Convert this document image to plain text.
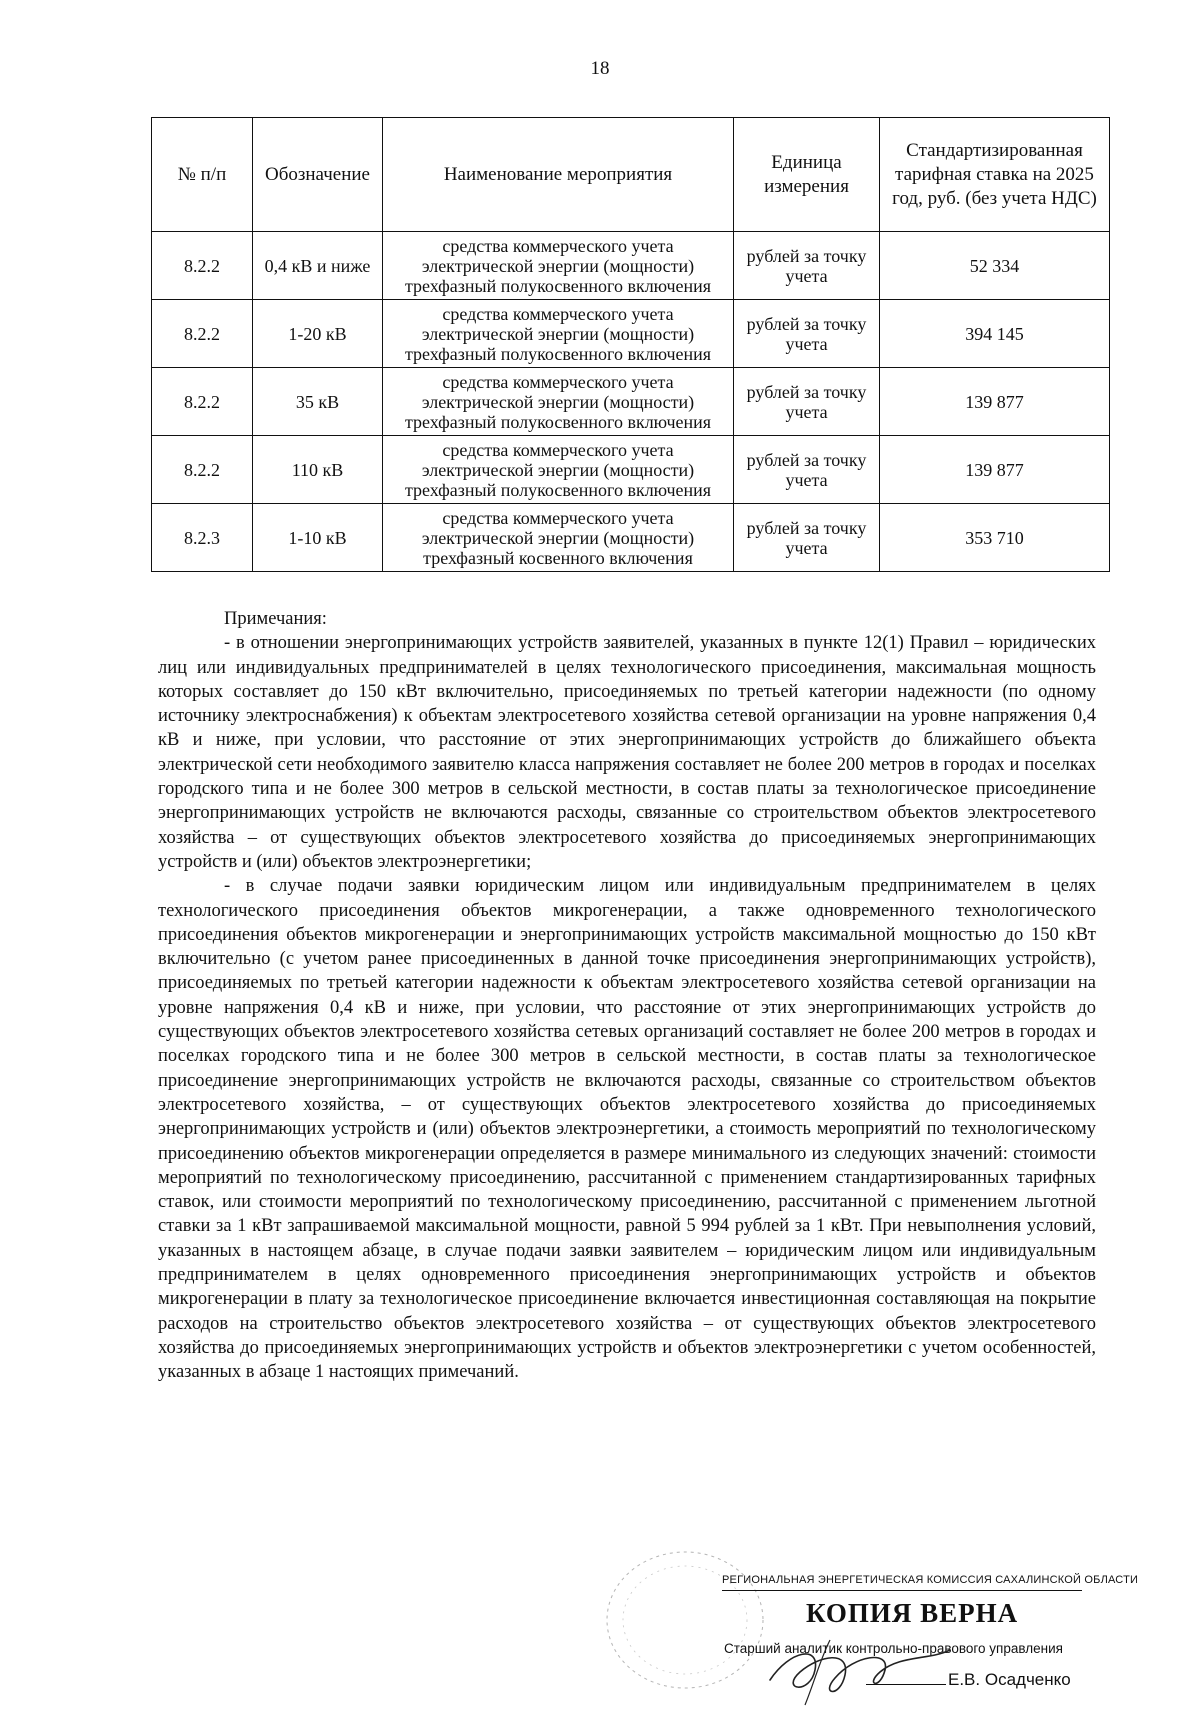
18
№ п/п	Обозначение	Наименование мероприятия	Единица измерения	Стандартизированная тарифная ставка на 2025 год, руб. (без учета НДС)
8.2.2	0,4 кВ и ниже	средства коммерческого учета электрической энергии (мощности) трехфазный полукосвенного включения	рублей за точку учета	52 334
8.2.2	1-20 кВ	средства коммерческого учета электрической энергии (мощности) трехфазный полукосвенного включения	рублей за точку учета	394 145
8.2.2	35 кВ	средства коммерческого учета электрической энергии (мощности) трехфазный полукосвенного включения	рублей за точку учета	139 877
8.2.2	110 кВ	средства коммерческого учета электрической энергии (мощности) трехфазный полукосвенного включения	рублей за точку учета	139 877
8.2.3	1-10 кВ	средства коммерческого учета электрической энергии (мощности) трехфазный косвенного включения	рублей за точку учета	353 710

Примечания:

- в отношении энергопринимающих устройств заявителей, указанных в пункте 12(1) Правил – юридических лиц или индивидуальных предпринимателей в целях технологического присоединения, максимальная мощность которых составляет до 150 кВт включительно, присоединяемых по третьей категории надежности (по одному источнику электроснабжения) к объектам электросетевого хозяйства сетевой организации на уровне напряжения 0,4 кВ и ниже, при условии, что расстояние от этих энергопринимающих устройств до ближайшего объекта электрической сети необходимого заявителю класса напряжения составляет не более 200 метров в городах и поселках городского типа и не более 300 метров в сельской местности, в состав платы за технологическое присоединение энергопринимающих устройств не включаются расходы, связанные со строительством объектов электросетевого хозяйства – от существующих объектов электросетевого хозяйства до присоединяемых энергопринимающих устройств и (или) объектов электроэнергетики;

- в случае подачи заявки юридическим лицом или индивидуальным предпринимателем в целях технологического присоединения объектов микрогенерации, а также одновременного технологического присоединения объектов микрогенерации и энергопринимающих устройств максимальной мощностью до 150 кВт включительно (с учетом ранее присоединенных в данной точке присоединения энергопринимающих устройств), присоединяемых по третьей категории надежности к объектам электросетевого хозяйства сетевой организации на уровне напряжения 0,4 кВ и ниже, при условии, что расстояние от этих энергопринимающих устройств до существующих объектов электросетевого хозяйства сетевых организаций составляет не более 200 метров в городах и поселках городского типа и не более 300 метров в сельской местности, в состав платы за технологическое присоединение энергопринимающих устройств не включаются расходы, связанные со строительством объектов электросетевого хозяйства, – от существующих объектов электросетевого хозяйства до присоединяемых энергопринимающих устройств и (или) объектов электроэнергетики, а стоимость мероприятий по технологическому присоединению объектов микрогенерации определяется в размере минимального из следующих значений: стоимости мероприятий по технологическому присоединению, рассчитанной с применением стандартизированных тарифных ставок, или стоимости мероприятий по технологическому присоединению, рассчитанной с применением льготной ставки за 1 кВт запрашиваемой максимальной мощности, равной 5 994 рублей за 1 кВт. При невыполнения условий, указанных в настоящем абзаце, в случае подачи заявки заявителем – юридическим лицом или индивидуальным предпринимателем в целях одновременного присоединения энергопринимающих устройств и объектов микрогенерации в плату за технологическое присоединение включается инвестиционная составляющая на покрытие расходов на строительство объектов электросетевого хозяйства – от существующих объектов электросетевого хозяйства до присоединяемых энергопринимающих устройств и объектов электроэнергетики с учетом особенностей, указанных в абзаце 1 настоящих примечаний.

РЕГИОНАЛЬНАЯ ЭНЕРГЕТИЧЕСКАЯ КОМИССИЯ САХАЛИНСКОЙ ОБЛАСТИ
КОПИЯ ВЕРНА
Старший аналитик контрольно-правового управления
Е.В. Осадченко
